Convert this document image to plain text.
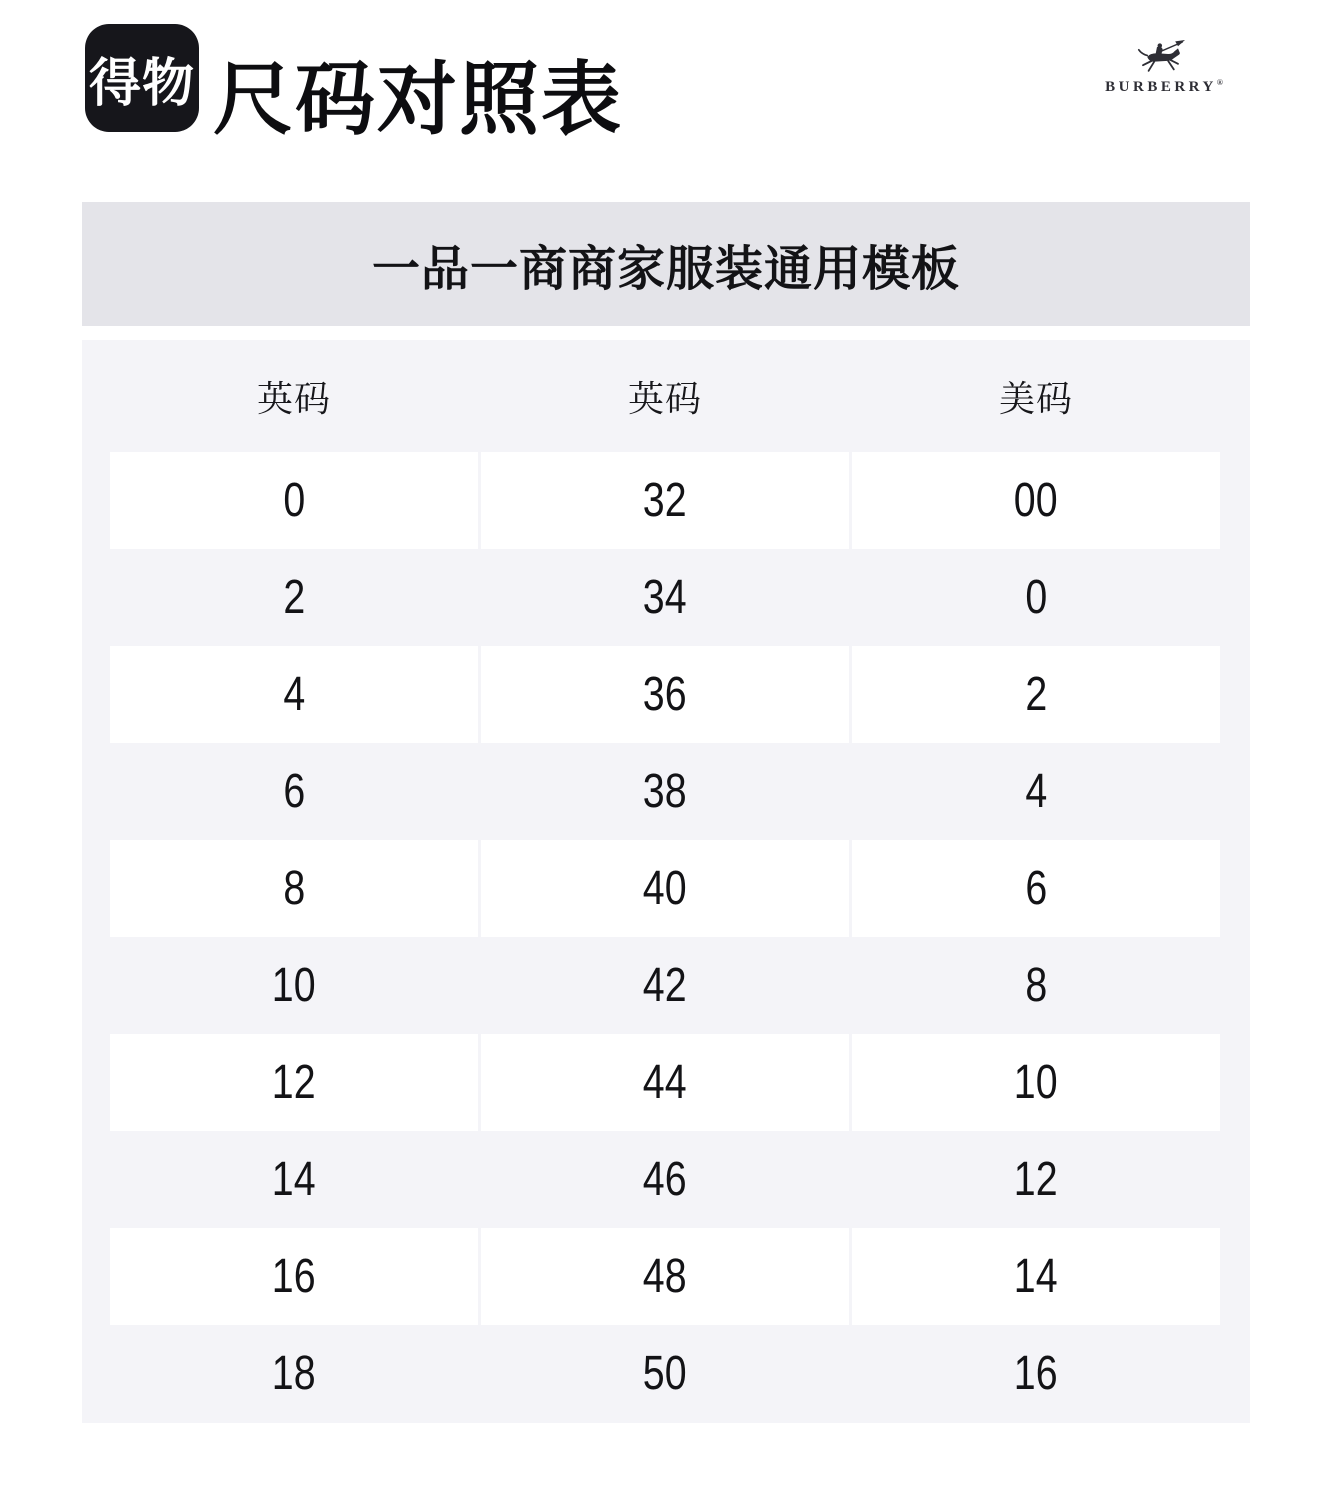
得物 尺码对照表	BURBERRY®
一品一商商家服装通用模板
英码	英码	美码
0	32	00
2	34	0
4	36	2
6	38	4
8	40	6
10	42	8
12	44	10
14	46	12
16	48	14
18	50	16
